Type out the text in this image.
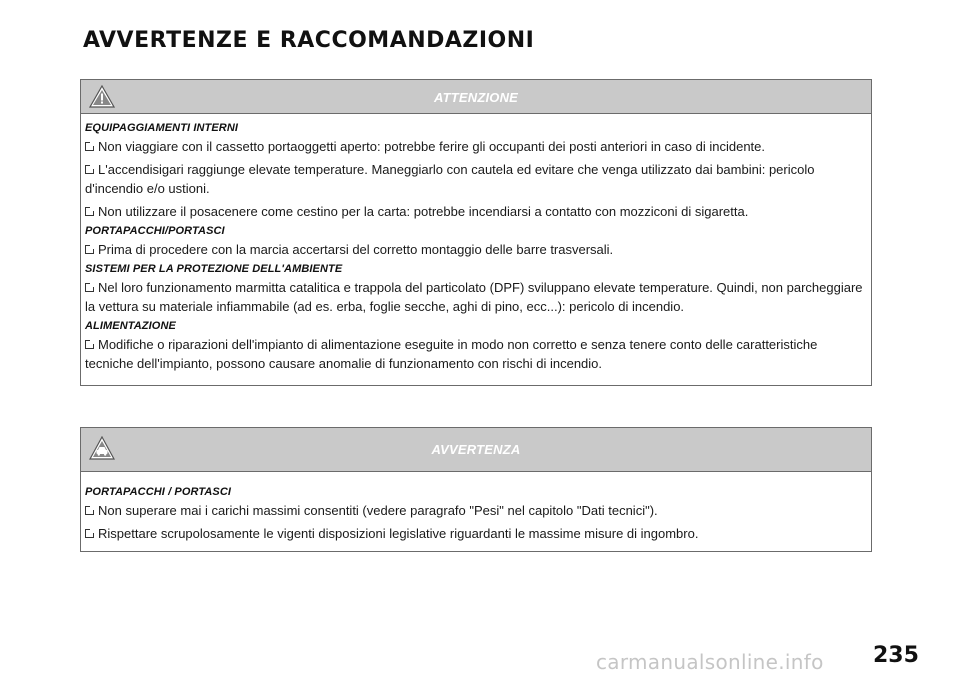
AVVERTENZE E RACCOMANDAZIONI
ATTENZIONE
EQUIPAGGIAMENTI INTERNI
Non viaggiare con il cassetto portaoggetti aperto: potrebbe ferire gli occupanti dei posti anteriori in caso di incidente.
L'accendisigari raggiunge elevate temperature. Maneggiarlo con cautela ed evitare che venga utilizzato dai bambini: pericolo d'incendio e/o ustioni.
Non utilizzare il posacenere come cestino per la carta: potrebbe incendiarsi a contatto con mozziconi di sigaretta.
PORTAPACCHI/PORTASCI
Prima di procedere con la marcia accertarsi del corretto montaggio delle barre trasversali.
SISTEMI PER LA PROTEZIONE DELL'AMBIENTE
Nel loro funzionamento marmitta catalitica e trappola del particolato (DPF) sviluppano elevate temperature. Quindi, non parcheggiare la vettura su materiale infiammabile (ad es. erba, foglie secche, aghi di pino, ecc...): pericolo di incendio.
ALIMENTAZIONE
Modifiche o riparazioni dell'impianto di alimentazione eseguite in modo non corretto e senza tenere conto delle caratteristiche tecniche dell'impianto, possono causare anomalie di funzionamento con rischi di incendio.
AVVERTENZA
PORTAPACCHI / PORTASCI
Non superare mai i carichi massimi consentiti (vedere paragrafo "Pesi" nel capitolo "Dati tecnici").
Rispettare scrupolosamente le vigenti disposizioni legislative riguardanti le massime misure di ingombro.
carmanualsonline.info 235
